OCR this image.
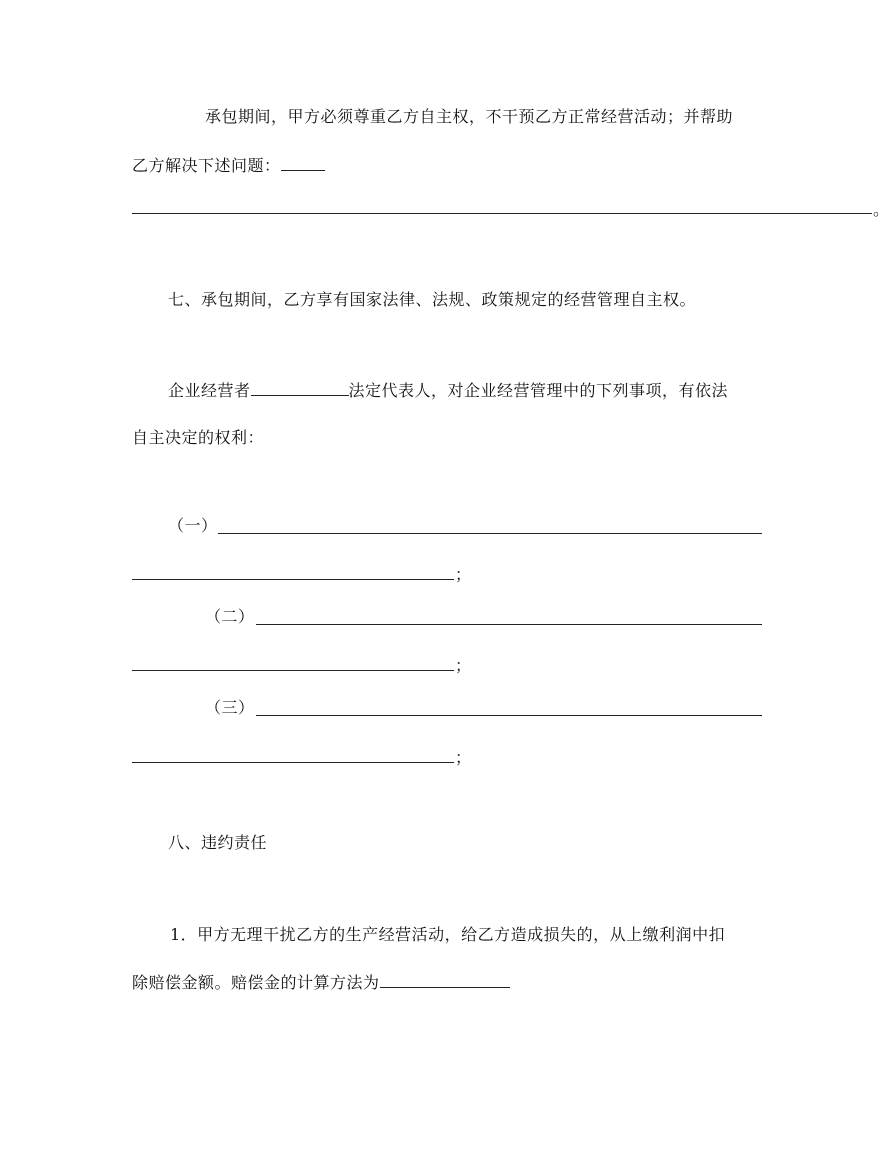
承包期间，甲方必须尊重乙方自主权，不干预乙方正常经营活动；并帮助
乙方解决下述问题：
。
七、承包期间，乙方享有国家法律、法规、政策规定的经营管理自主权。
企业经营者	法定代表人，对企业经营管理中的下列事项，有依法
自主决定的权利：
（一）
；
（二）
；
（三）
；
八、违约责任
1．甲方无理干扰乙方的生产经营活动，给乙方造成损失的，从上缴利润中扣
除赔偿金额。赔偿金的计算方法为
